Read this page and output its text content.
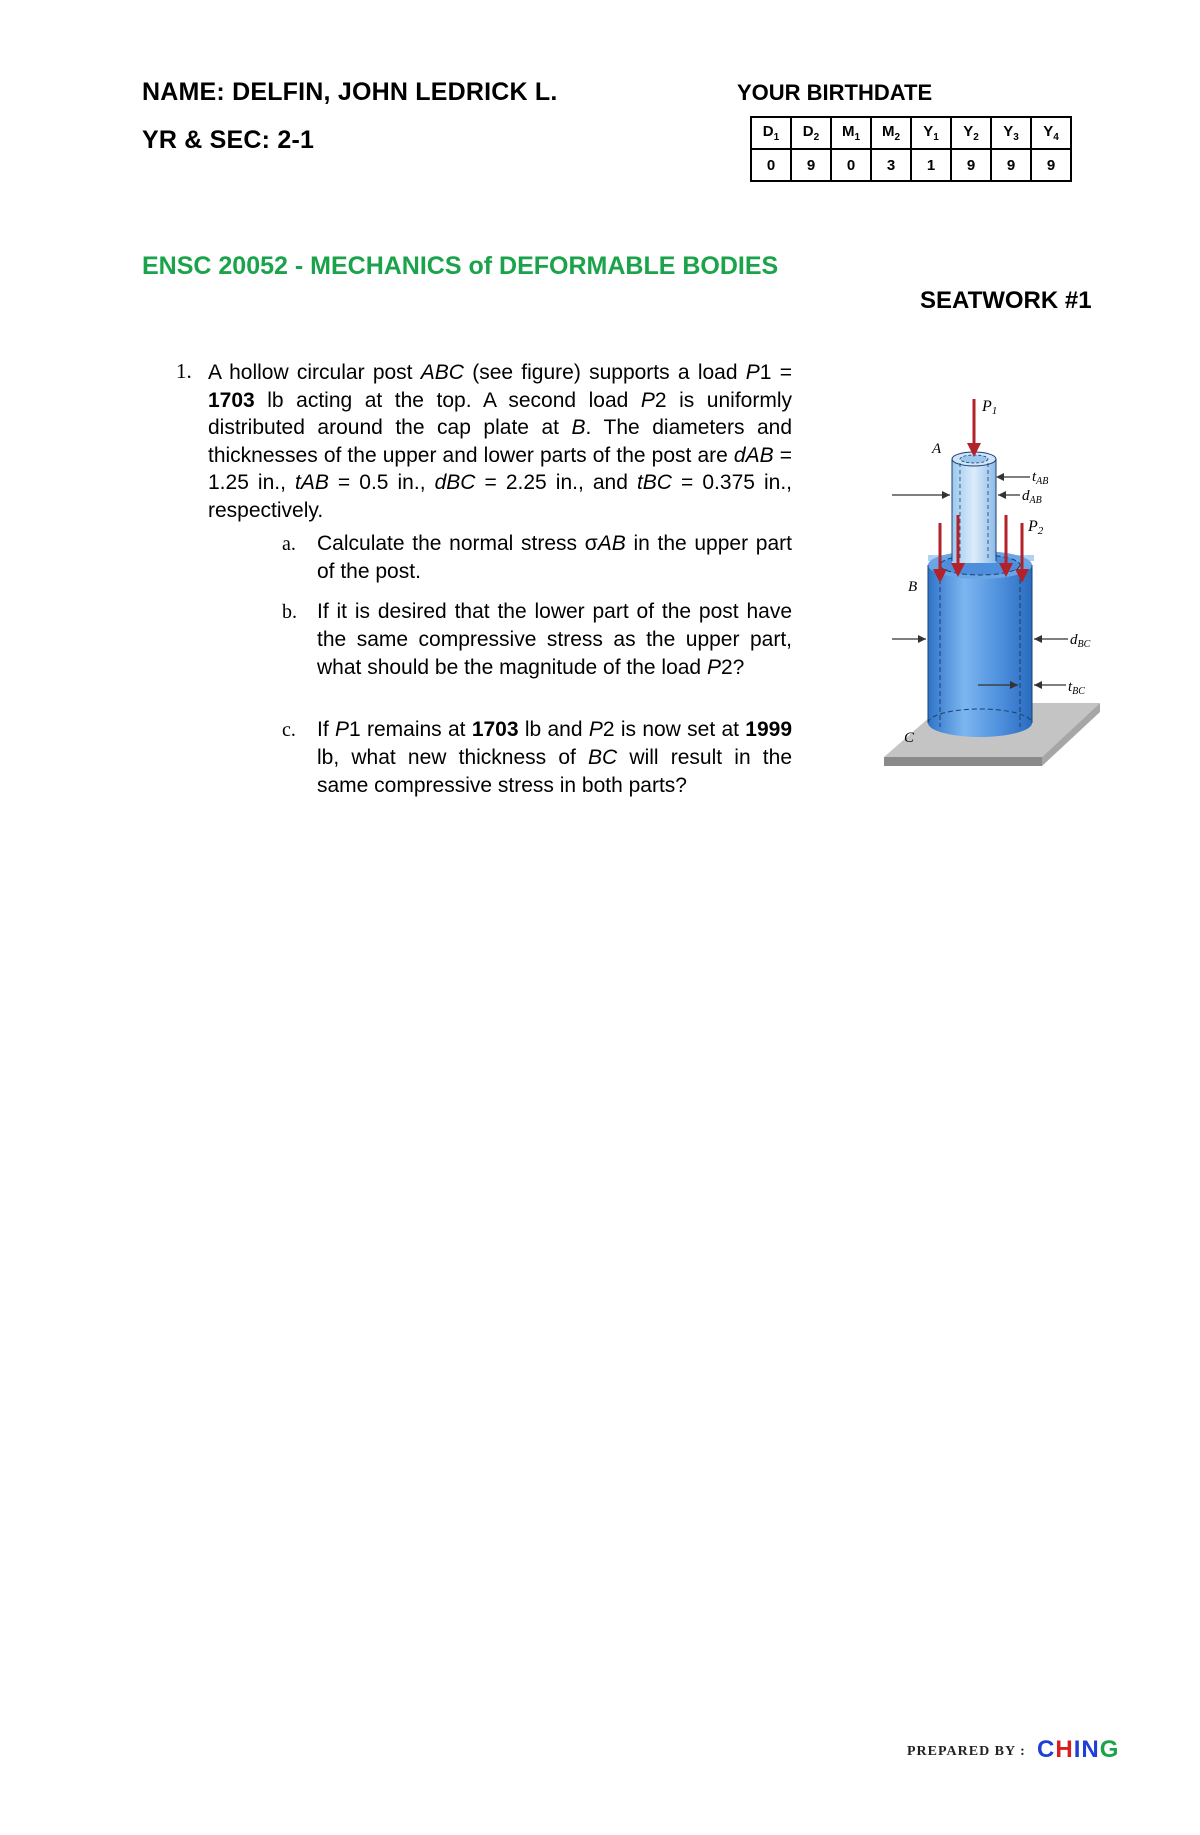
NAME: DELFIN, JOHN LEDRICK L.
YR & SEC: 2-1
YOUR BIRTHDATE
$D_1$	$D_2$	$M_1$	$M_2$	$Y_1$	$Y_2$	$Y_3$	$Y_4$
0	9	0	3	1	9	9	9
ENSC 20052 - MECHANICS of DEFORMABLE BODIES
SEATWORK #1
1. A hollow circular post ABC (see figure) supports a load P1 = 1703 lb acting at the top. A second load P2 is uniformly distributed around the cap plate at B. The diameters and thicknesses of the upper and lower parts of the post are dAB = 1.25 in., tAB = 0.5 in., dBC = 2.25 in., and tBC = 0.375 in., respectively.
a. Calculate the normal stress σAB in the upper part of the post.
b. If it is desired that the lower part of the post have the same compressive stress as the upper part, what should be the magnitude of the load P2?
c. If P1 remains at 1703 lb and P2 is now set at 1999 lb, what new thickness of BC will result in the same compressive stress in both parts?
P1
P2
A
B
C
$t_{AB}$
$d_{AB}$
$d_{BC}$
$t_{BC}$
PREPARED BY : CHING
